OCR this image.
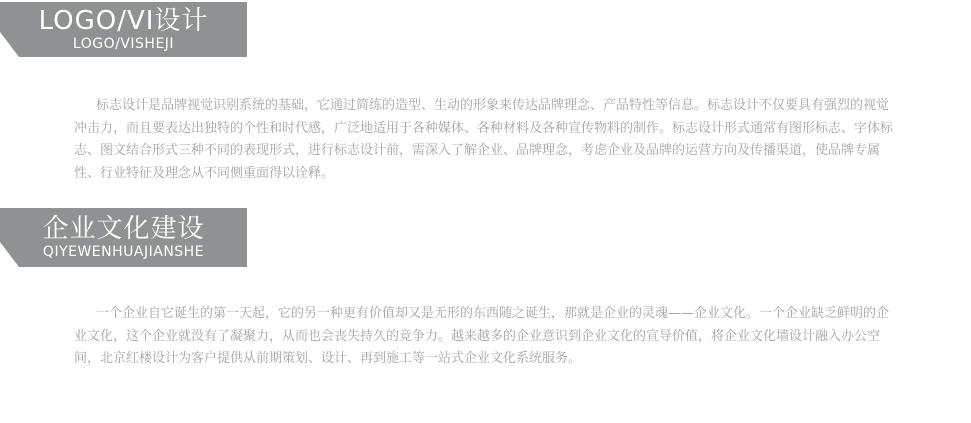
LOGO/VI设计
LOGO/VISHEJI

标志设计是品牌视觉识别系统的基础，它通过简练的造型、生动的形象来传达品牌理念、产品特性等信息。标志设计不仅要具有强烈的视觉冲击力，而且要表达出独特的个性和时代感，广泛地适用于各种媒体、各种材料及各种宣传物料的制作。标志设计形式通常有图形标志、字体标志、图文结合形式三种不同的表现形式，进行标志设计前，需深入了解企业、品牌理念，考虑企业及品牌的运营方向及传播渠道，使品牌专属性、行业特征及理念从不同侧重面得以诠释。

企业文化建设
QIYEWENHUAJIANSHE

一个企业自它诞生的第一天起，它的另一种更有价值却又是无形的东西随之诞生，那就是企业的灵魂——企业文化。一个企业缺乏鲜明的企业文化，这个企业就没有了凝聚力，从而也会丧失持久的竞争力。越来越多的企业意识到企业文化的宣导价值，将企业文化墙设计融入办公空间，北京红楼设计为客户提供从前期策划、设计、再到施工等一站式企业文化系统服务。
